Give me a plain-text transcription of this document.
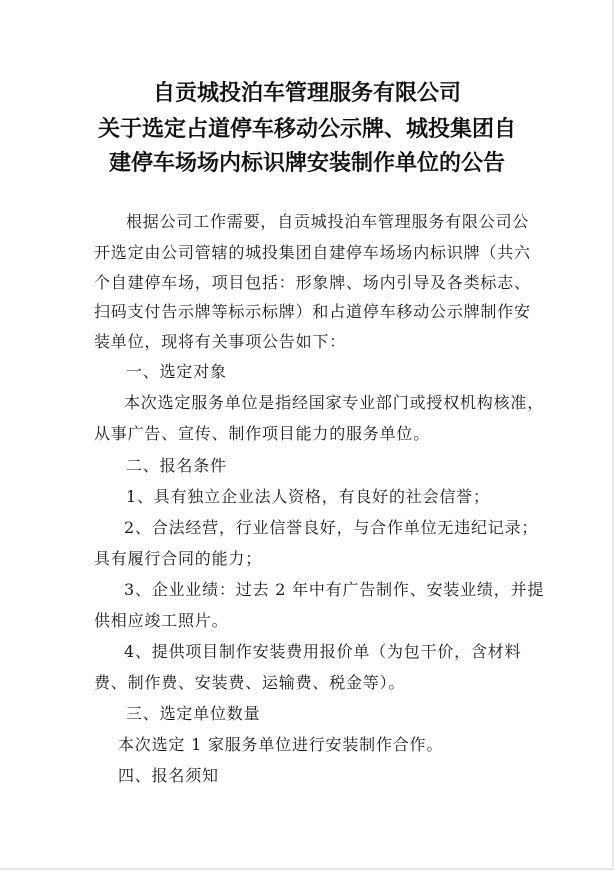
自贡城投泊车管理服务有限公司
关于选定占道停车移动公示牌、城投集团自
建停车场场内标识牌安装制作单位的公告
根据公司工作需要，自贡城投泊车管理服务有限公司公
开选定由公司管辖的城投集团自建停车场场内标识牌（共六
个自建停车场，项目包括：形象牌、场内引导及各类标志、
扫码支付告示牌等标示标牌）和占道停车移动公示牌制作安
装单位，现将有关事项公告如下：
一、选定对象
本次选定服务单位是指经国家专业部门或授权机构核准，
从事广告、宣传、制作项目能力的服务单位。
二、报名条件
1、具有独立企业法人资格，有良好的社会信誉；
2、合法经营，行业信誉良好，与合作单位无违纪记录；
具有履行合同的能力；
3、企业业绩：过去 2 年中有广告制作、安装业绩，并提
供相应竣工照片。
4、提供项目制作安装费用报价单（为包干价，含材料
费、制作费、安装费、运输费、税金等）。
三、选定单位数量
本次选定 1 家服务单位进行安装制作合作。
四、报名须知
